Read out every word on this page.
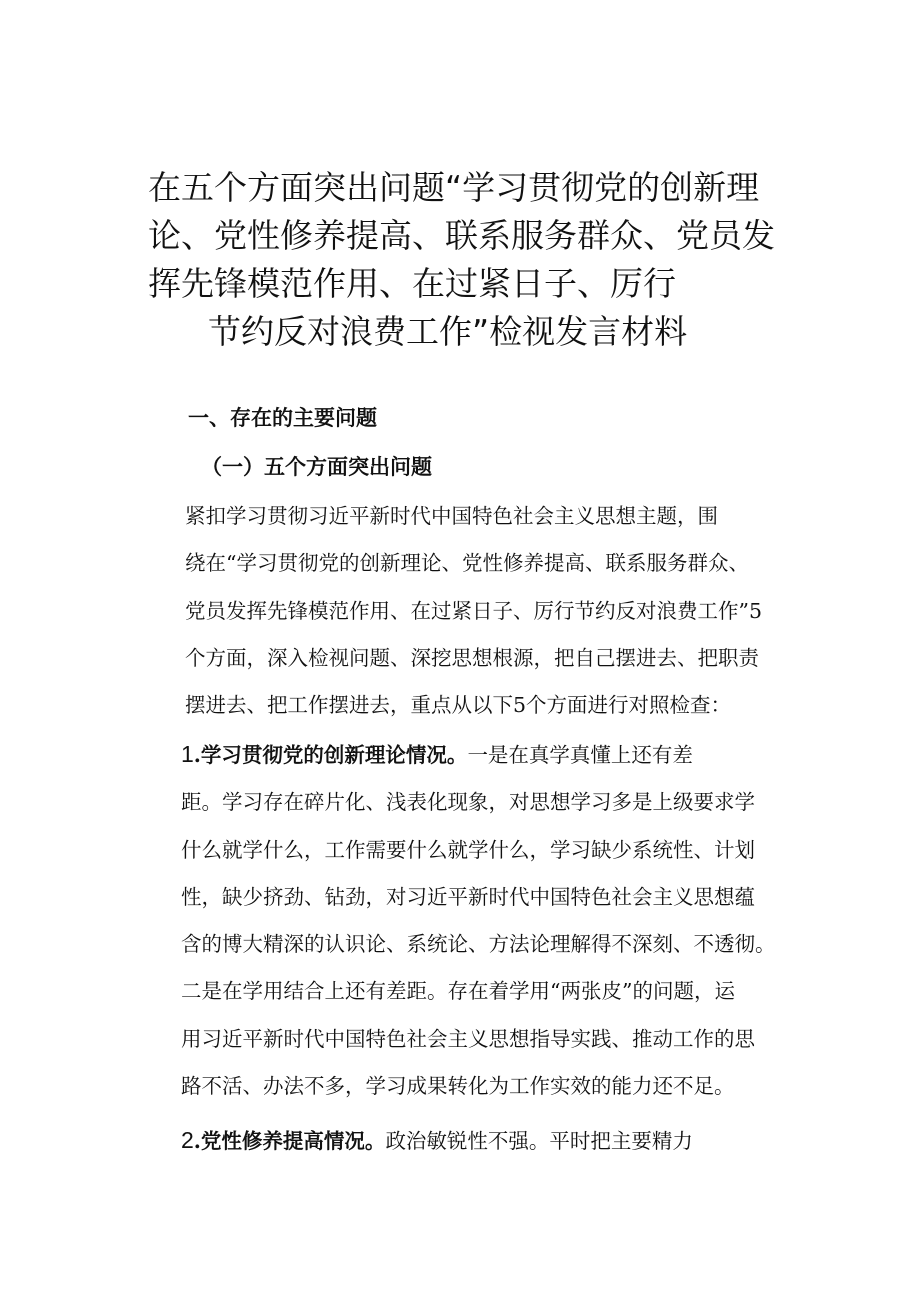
在五个方面突出问题“学习贯彻党的创新理
论、党性修养提高、联系服务群众、党员发
挥先锋模范作用、在过紧日子、厉行
节约反对浪费工作”检视发言材料
一、存在的主要问题
（一）五个方面突出问题
紧扣学习贯彻习近平新时代中国特色社会主义思想主题，围
绕在“学习贯彻党的创新理论、党性修养提高、联系服务群众、
党员发挥先锋模范作用、在过紧日子、厉行节约反对浪费工作”5
个方面，深入检视问题、深挖思想根源，把自己摆进去、把职责
摆进去、把工作摆进去，重点从以下5个方面进行对照检查：
1.学习贯彻党的创新理论情况。一是在真学真懂上还有差
距。学习存在碎片化、浅表化现象，对思想学习多是上级要求学
什么就学什么，工作需要什么就学什么，学习缺少系统性、计划
性，缺少挤劲、钻劲，对习近平新时代中国特色社会主义思想蕴
含的博大精深的认识论、系统论、方法论理解得不深刻、不透彻。
二是在学用结合上还有差距。存在着学用“两张皮”的问题，运
用习近平新时代中国特色社会主义思想指导实践、推动工作的思
路不活、办法不多，学习成果转化为工作实效的能力还不足。
2.党性修养提高情况。政治敏锐性不强。平时把主要精力
